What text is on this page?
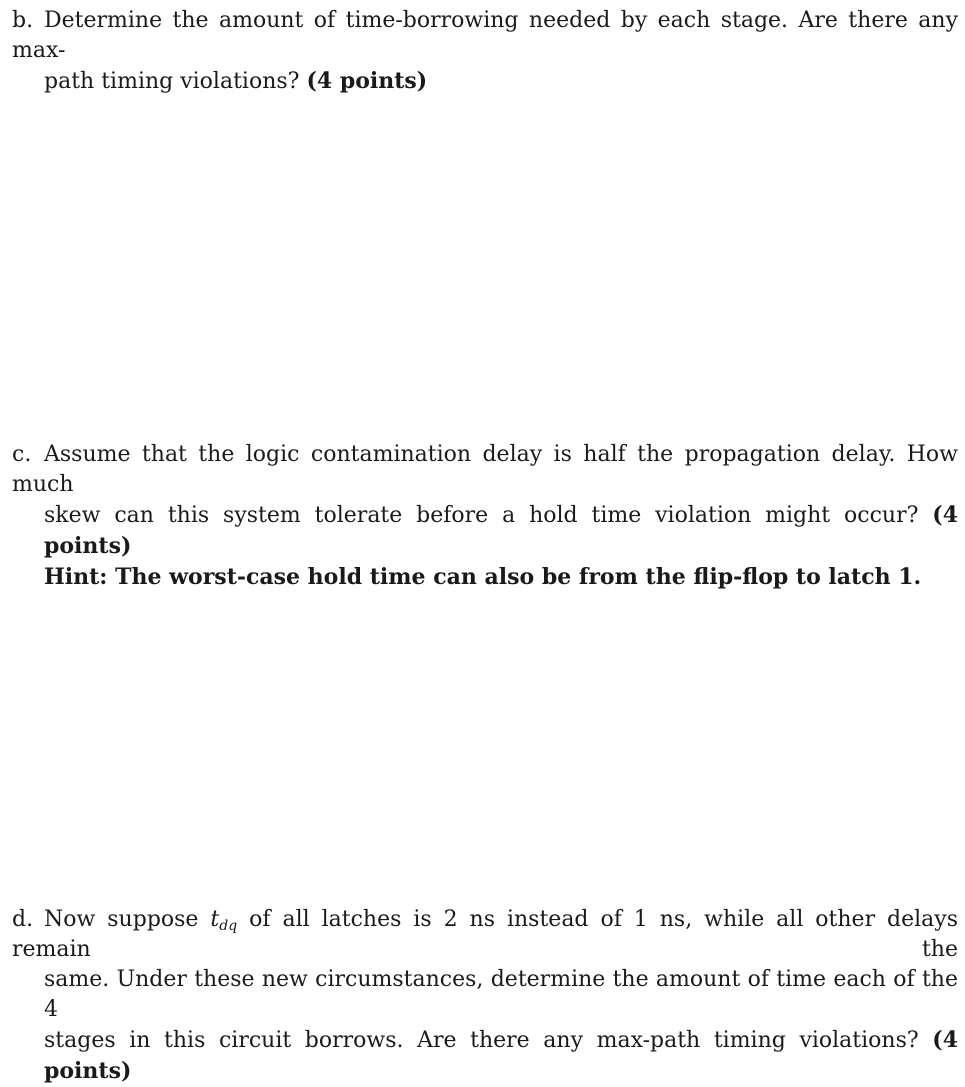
b. Determine the amount of time-borrowing needed by each stage. Are there any max-
path timing violations? (4 points)
c. Assume that the logic contamination delay is half the propagation delay. How much
skew can this system tolerate before a hold time violation might occur? (4 points)
Hint: The worst-case hold time can also be from the flip-flop to latch 1.
d. Now suppose $t_{dq}$ of all latches is 2 ns instead of 1 ns, while all other delays remain the
same. Under these new circumstances, determine the amount of time each of the 4
stages in this circuit borrows. Are there any max-path timing violations? (4 points)
